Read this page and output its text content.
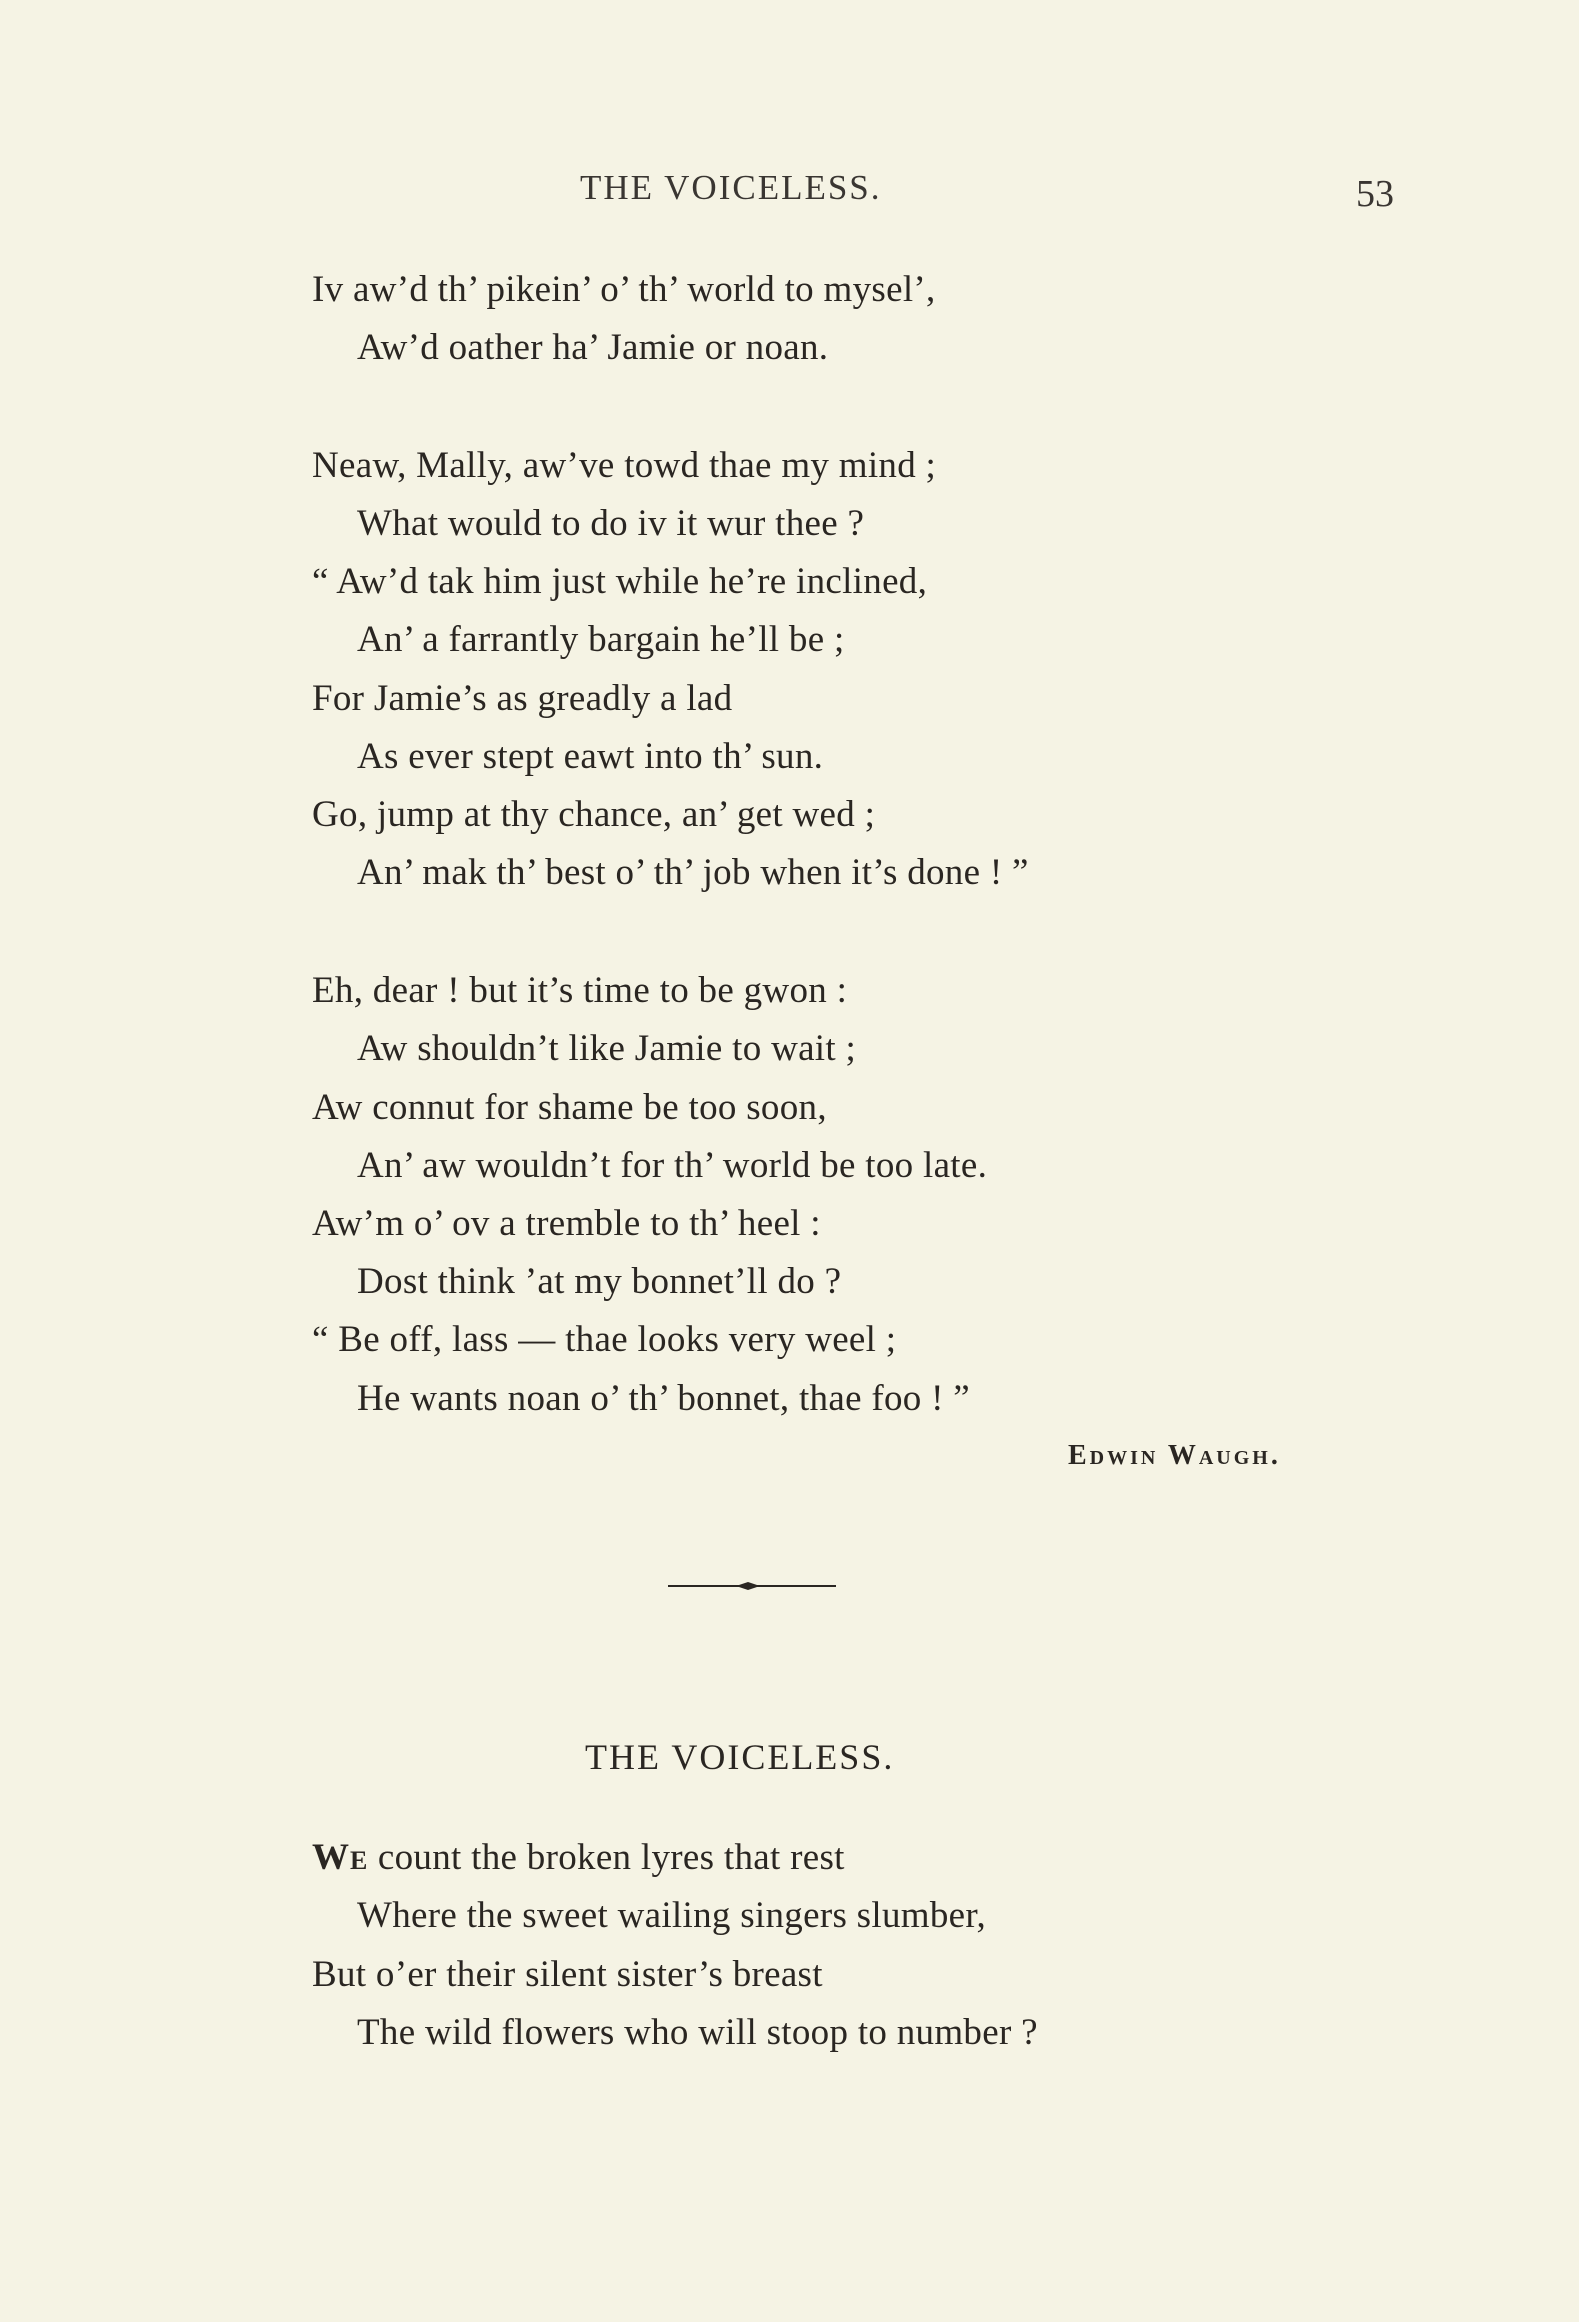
THE VOICELESS.	53
Iv aw’d th’ pikein’ o’ th’ world to mysel’,
Aw’d oather ha’ Jamie or noan.
Neaw, Mally, aw’ve towd thae my mind ;
What would to do iv it wur thee ?
“ Aw’d tak him just while he’re inclined,
An’ a farrantly bargain he’ll be ;
For Jamie’s as greadly a lad
As ever stept eawt into th’ sun.
Go, jump at thy chance, an’ get wed ;
An’ mak th’ best o’ th’ job when it’s done ! ”
Eh, dear ! but it’s time to be gwon :
Aw shouldn’t like Jamie to wait ;
Aw connut for shame be too soon,
An’ aw wouldn’t for th’ world be too late.
Aw’m o’ ov a tremble to th’ heel :
Dost think ’at my bonnet’ll do ?
“ Be off, lass — thae looks very weel ;
He wants noan o’ th’ bonnet, thae foo ! ”
Edwin Waugh.
THE VOICELESS.
We count the broken lyres that rest
Where the sweet wailing singers slumber,
But o’er their silent sister’s breast
The wild flowers who will stoop to number ?
